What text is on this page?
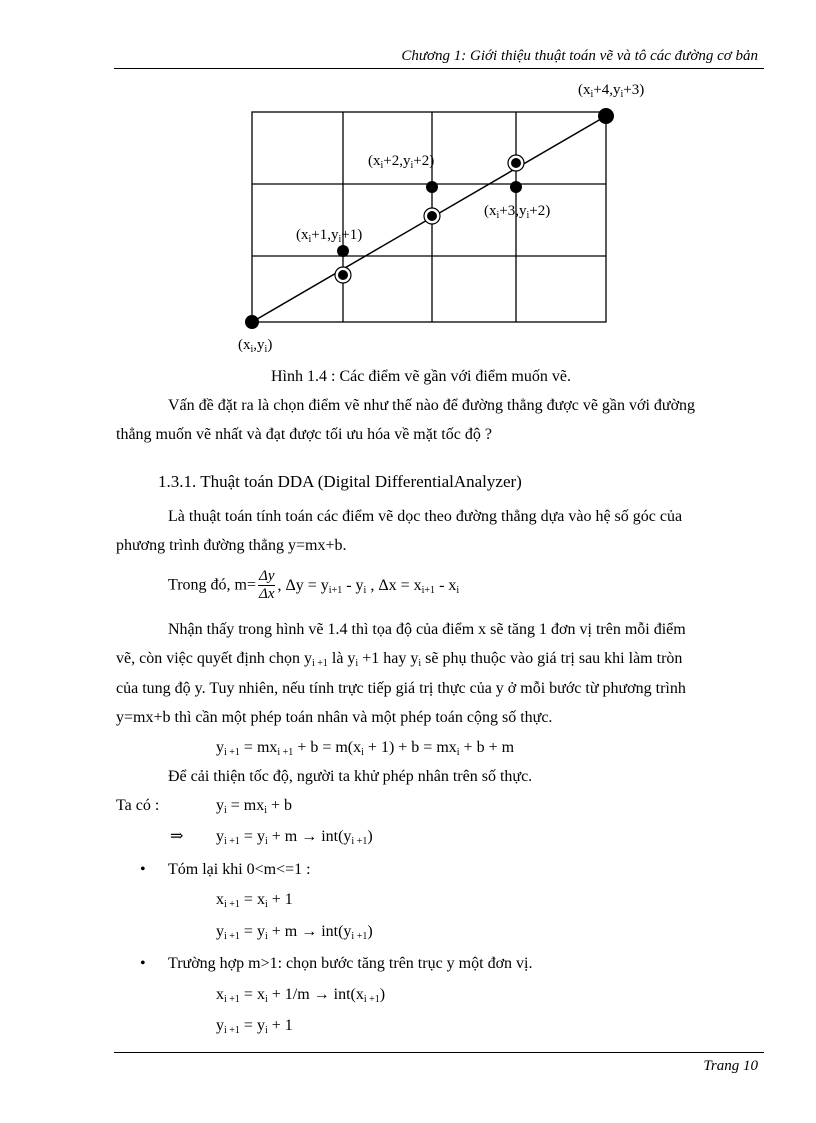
Chương 1: Giới thiệu thuật toán vẽ và tô các đường cơ bản
$(x_i+4,y_i+3)$
$(x_i+2,y_i+2)$
$(x_i+3,y_i+2)$
$(x_i+1,y_i+1)$
$(x_i,y_i)$
Hình 1.4 : Các điểm vẽ gần với điểm muốn vẽ.
Vấn đề đặt ra là chọn điểm vẽ như thế nào để đường thẳng được vẽ gần với đường
thẳng muốn vẽ nhất và đạt được tối ưu hóa về mặt tốc độ ?
1.3.1. Thuật toán DDA (Digital DifferentialAnalyzer)
Là thuật toán tính toán các điểm vẽ dọc theo đường thẳng dựa vào hệ số góc của
phương trình đường thẳng y=mx+b.
Trong đó, $m= \frac{\Delta y}{\Delta x}$ , $\Delta y = y_{i+1} - y_i$ , $\Delta x = x_{i+1} - x_i$
Nhận thấy trong hình vẽ 1.4 thì tọa độ của điểm x sẽ tăng 1 đơn vị trên mỗi điểm
vẽ, còn việc quyết định chọn $y_{i +1}$ là $y_i +1$ hay $y_i$ sẽ phụ thuộc vào giá trị sau khi làm tròn
của tung độ y. Tuy nhiên, nếu tính trực tiếp giá trị thực của y ở mỗi bước từ phương trình
y=mx+b thì cần một phép toán nhân và một phép toán cộng số thực.
$y_{i +1} = mx_{i +1} + b = m(x_i + 1) + b = mx_i + b + m$
Để cải thiện tốc độ, người ta khử phép nhân trên số thực.
Ta có :	$y_i = mx_i + b$
⇒ $y_{i +1} = y_i + m \to int(y_{i +1})$
• Tóm lại khi 0<m<=1 :
$x_{i +1} = x_i + 1$
$y_{i +1} = y_i + m \to int(y_{i +1})$
• Trường hợp m>1: chọn bước tăng trên trục y một đơn vị.
$x_{i +1} = x_i + 1/m \to int(x_{i +1})$
$y_{i +1} = y_i + 1$
Trang 10
